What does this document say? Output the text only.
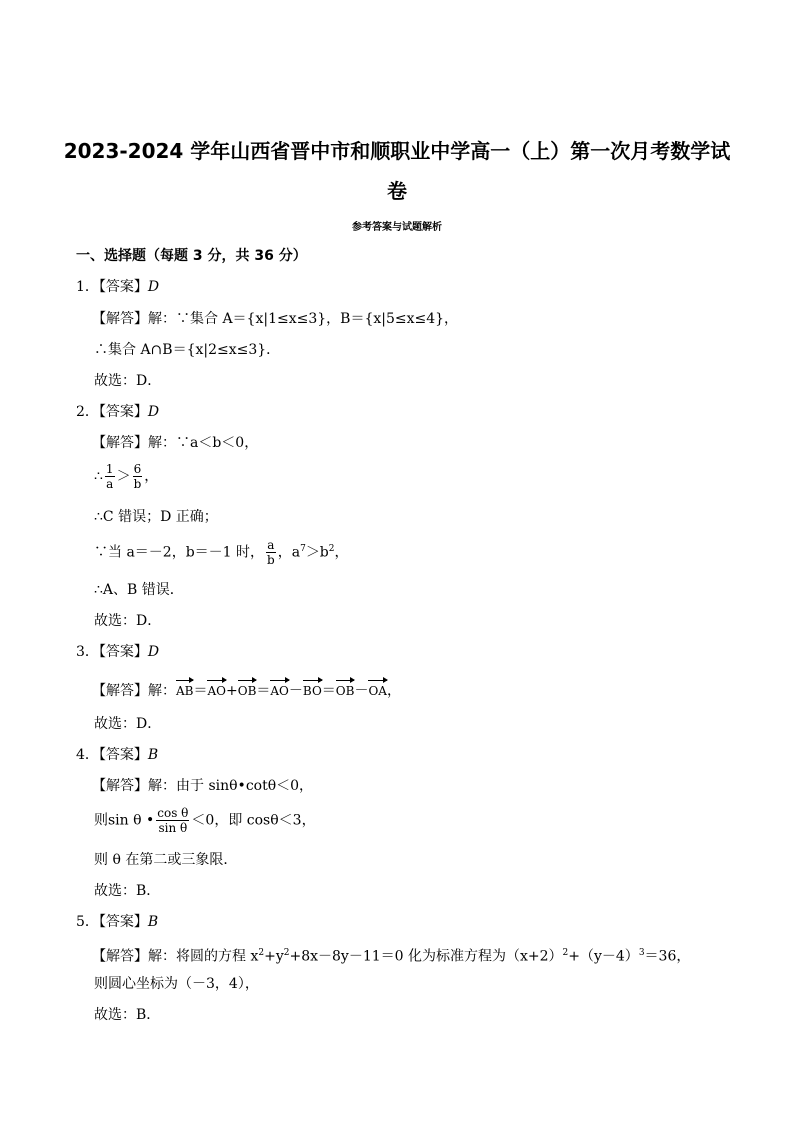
2023-2024 学年山西省晋中市和顺职业中学高一（上）第一次月考数学试
卷
参考答案与试题解析
一、选择题（每题 3 分，共 36 分）
1．【答案】D
【解答】解：∵集合 A＝{x|1≤x≤3}，B＝{x|5≤x≤4}，
∴集合 A∩B＝{x|2≤x≤3}．
故选：D．
2．【答案】D
【解答】解：∵a＜b＜0，
∴ $\frac{1}{a} > \frac{6}{b}$ ，
∴C 错误；D 正确；
∵当 a＝－2，b＝－1 时， $\frac{a}{b}$ ，$a^7>b^2$，
∴A、B 错误．
故选：D．
3．【答案】D
【解答】解：AB＝AO+OB＝AO－BO＝OB－OA，
故选：D．
4．【答案】B
【解答】解：由于 sinθ•cotθ＜0，
则sin θ • $\frac{\text{cos θ}}{\text{sin θ}} <0$，即 cosθ＜3，
则 θ 在第二或三象限．
故选：B．
5．【答案】B
【解答】解：将圆的方程 $x^2+y^2+8x-8y-11=0$ 化为标准方程为$(x+2)^2+(y-4)^3=36$，
则圆心坐标为（－3，4），
故选：B．
